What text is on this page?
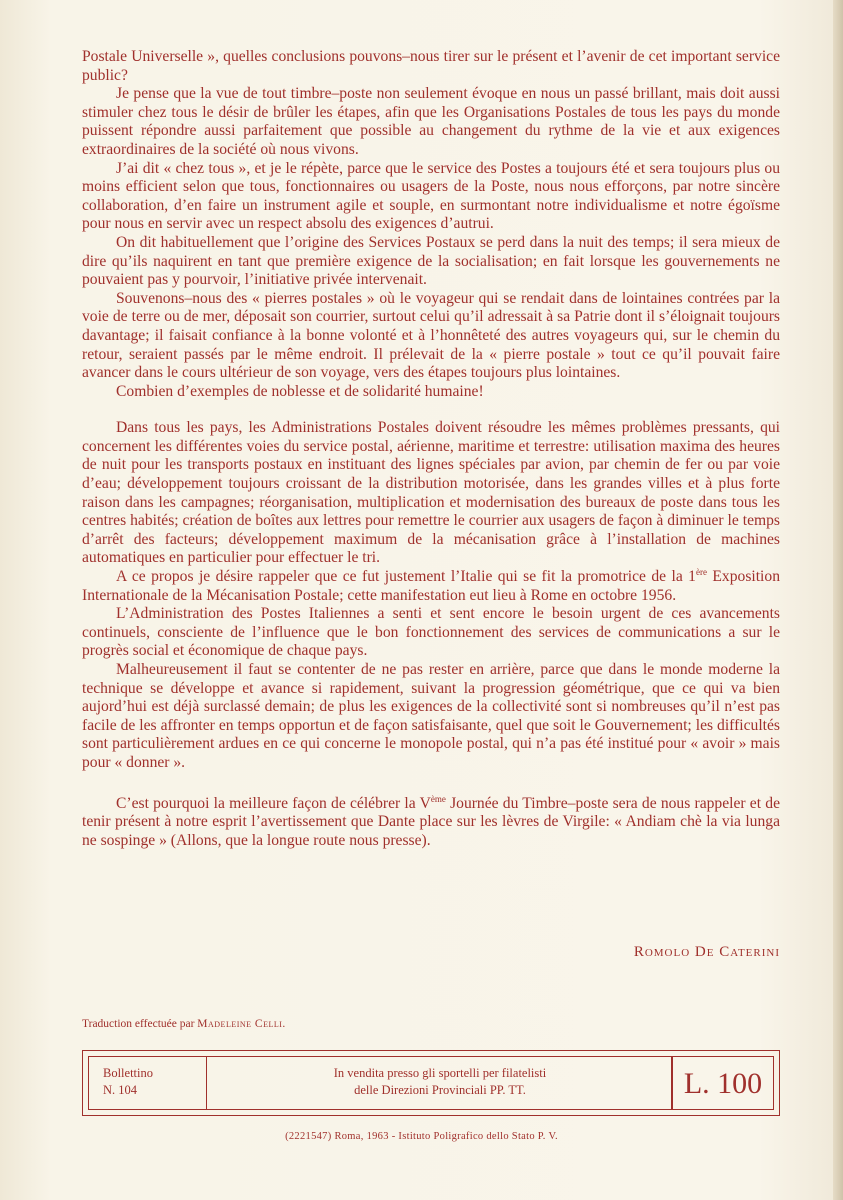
Postale Universelle », quelles conclusions pouvons–nous tirer sur le présent et l’avenir de cet important service public?

Je pense que la vue de tout timbre–poste non seulement évoque en nous un passé brillant, mais doit aussi stimuler chez tous le désir de brûler les étapes, afin que les Organisations Postales de tous les pays du monde puissent répondre aussi parfaitement que possible au changement du rythme de la vie et aux exigences extraordinaires de la société où nous vivons.

J’ai dit « chez tous », et je le répète, parce que le service des Postes a toujours été et sera toujours plus ou moins efficient selon que tous, fonctionnaires ou usagers de la Poste, nous nous efforçons, par notre sincère collaboration, d’en faire un instrument agile et souple, en surmontant notre individualisme et notre égoïsme pour nous en servir avec un respect absolu des exigences d’autrui.

On dit habituellement que l’origine des Services Postaux se perd dans la nuit des temps; il sera mieux de dire qu’ils naquirent en tant que première exigence de la socialisation; en fait lorsque les gouvernements ne pouvaient pas y pourvoir, l’initiative privée intervenait.

Souvenons–nous des « pierres postales » où le voyageur qui se rendait dans de lointaines contrées par la voie de terre ou de mer, déposait son courrier, surtout celui qu’il adressait à sa Patrie dont il s’éloignait toujours davantage; il faisait confiance à la bonne volonté et à l’honnêteté des autres voyageurs qui, sur le chemin du retour, seraient passés par le même endroit. Il prélevait de la « pierre postale » tout ce qu’il pouvait faire avancer dans le cours ultérieur de son voyage, vers des étapes toujours plus lointaines.

Combien d’exemples de noblesse et de solidarité humaine!

Dans tous les pays, les Administrations Postales doivent résoudre les mêmes problèmes pressants, qui concernent les différentes voies du service postal, aérienne, maritime et terrestre: utilisation maxima des heures de nuit pour les transports postaux en instituant des lignes spéciales par avion, par chemin de fer ou par voie d’eau; développement toujours croissant de la distribution motorisée, dans les grandes villes et à plus forte raison dans les campagnes; réorganisation, multiplication et modernisation des bureaux de poste dans tous les centres habités; création de boîtes aux lettres pour remettre le courrier aux usagers de façon à diminuer le temps d’arrêt des facteurs; développement maximum de la mécanisation grâce à l’installation de machines automatiques en particulier pour effectuer le tri.

A ce propos je désire rappeler que ce fut justement l’Italie qui se fit la promotrice de la 1ère Exposition Internationale de la Mécanisation Postale; cette manifestation eut lieu à Rome en octobre 1956.

L’Administration des Postes Italiennes a senti et sent encore le besoin urgent de ces avancements continuels, consciente de l’influence que le bon fonctionnement des services de communications a sur le progrès social et économique de chaque pays.

Malheureusement il faut se contenter de ne pas rester en arrière, parce que dans le monde moderne la technique se développe et avance si rapidement, suivant la progression géométrique, que ce qui va bien aujord’hui est déjà surclassé demain; de plus les exigences de la collectivité sont si nombreuses qu’il n’est pas facile de les affronter en temps opportun et de façon satisfaisante, quel que soit le Gouvernement; les difficultés sont particulièrement ardues en ce qui concerne le monopole postal, qui n’a pas été institué pour « avoir » mais pour « donner ».

C’est pourquoi la meilleure façon de célébrer la Vème Journée du Timbre–poste sera de nous rappeler et de tenir présent à notre esprit l’avertissement que Dante place sur les lèvres de Virgile: « Andiam chè la via lunga ne sospinge » (Allons, que la longue route nous presse).

Romolo De Caterini
Traduction effectuée par Madeleine Celli.
Bollettino
N. 104
In vendita presso gli sportelli per filatelisti
delle Direzioni Provinciali PP. TT.	L. 100
(2221547) Roma, 1963 - Istituto Poligrafico dello Stato P. V.
